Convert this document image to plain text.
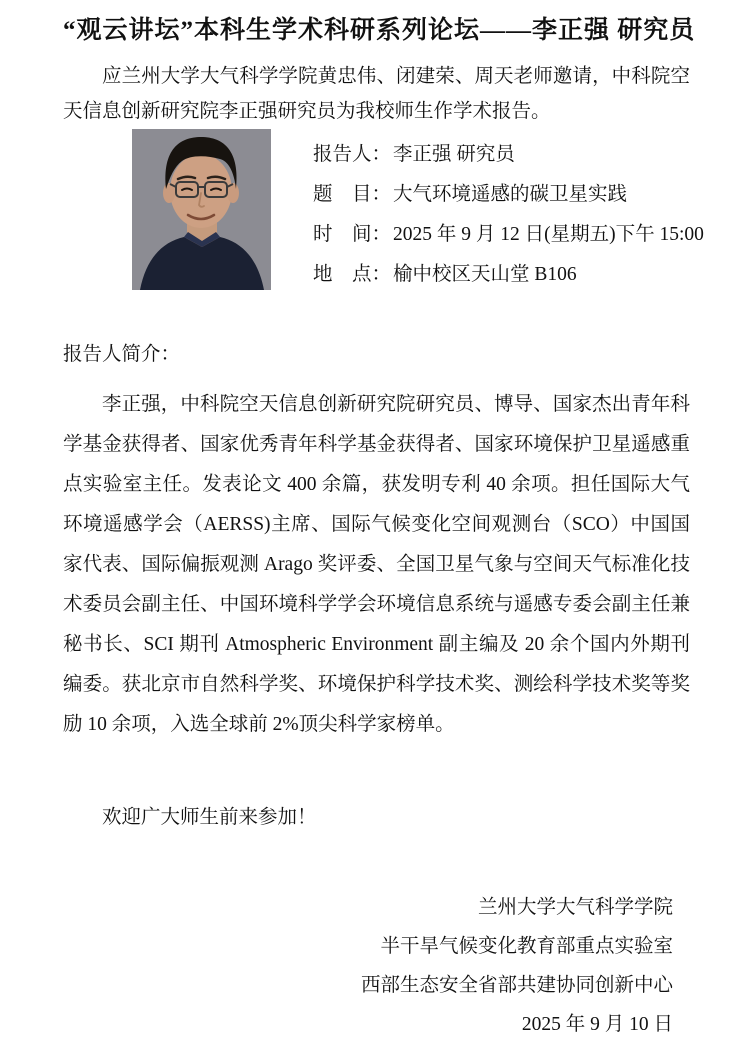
“观云讲坛”本科生学术科研系列论坛——李正强 研究员

应兰州大学大气科学学院黄忠伟、闭建荣、周天老师邀请，中科院空天信息创新研究院李正强研究员为我校师生作学术报告。

报告人： 李正强 研究员
题　目： 大气环境遥感的碳卫星实践
时　间： 2025 年 9 月 12 日(星期五)下午 15:00
地　点： 榆中校区天山堂 B106

报告人简介：

李正强，中科院空天信息创新研究院研究员、博导、国家杰出青年科学基金获得者、国家优秀青年科学基金获得者、国家环境保护卫星遥感重点实验室主任。发表论文 400 余篇，获发明专利 40 余项。担任国际大气环境遥感学会（AERSS)主席、国际气候变化空间观测台（SCO）中国国家代表、国际偏振观测 Arago 奖评委、全国卫星气象与空间天气标准化技术委员会副主任、中国环境科学学会环境信息系统与遥感专委会副主任兼秘书长、SCI 期刊 Atmospheric Environment 副主编及 20 余个国内外期刊编委。获北京市自然科学奖、环境保护科学技术奖、测绘科学技术奖等奖励 10 余项，入选全球前 2%顶尖科学家榜单。

欢迎广大师生前来参加！

兰州大学大气科学学院
半干旱气候变化教育部重点实验室
西部生态安全省部共建协同创新中心
2025 年 9 月 10 日
